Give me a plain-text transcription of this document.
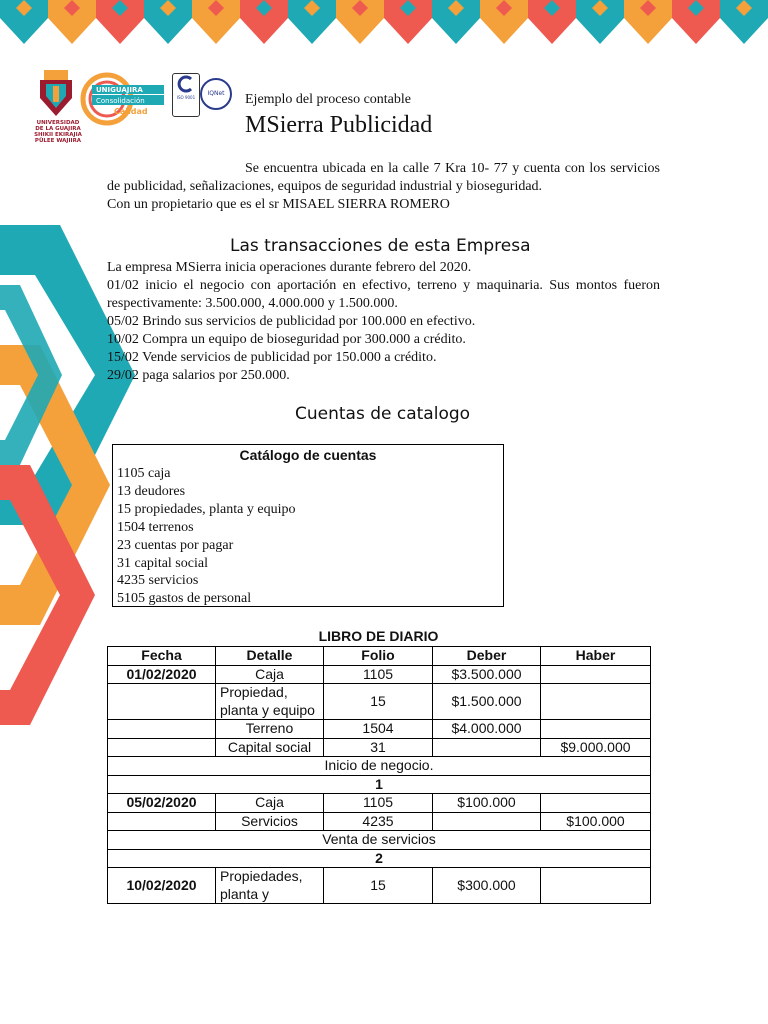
UNIVERSIDAD
DE LA GUAJIRA
SHIKII EKIRAJIA
PÜLEE WAJIIRA
UNIGUAJIRA
Consolidación
Calidad
ISO 9001
IQNet	Ejemplo del proceso contable
MSierra Publicidad

Se encuentra ubicada en la calle 7 Kra 10- 77 y cuenta con los servicios de publicidad, señalizaciones, equipos de seguridad industrial y bioseguridad.

Con un propietario que es el sr MISAEL SIERRA ROMERO

Las transacciones de esta Empresa

La empresa MSierra inicia operaciones durante febrero del 2020.

01/02 inicio el negocio con aportación en efectivo, terreno y maquinaria. Sus montos fueron respectivamente: 3.500.000, 4.000.000 y 1.500.000.

05/02 Brindo sus servicios de publicidad por 100.000 en efectivo.

10/02 Compra un equipo de bioseguridad por 300.000 a crédito.

15/02 Vende servicios de publicidad por 150.000 a crédito.

29/02 paga salarios por 250.000.

Cuentas de catalogo
Catálogo de cuentas
1105 caja
13 deudores
15 propiedades, planta y equipo
1504 terrenos
23 cuentas por pagar
31 capital social
4235 servicios
5105 gastos de personal
LIBRO DE DIARIO
Fecha	Detalle	Folio	Deber	Haber
01/02/2020	Caja	1105	$3.500.000	
	Propiedad, planta y equipo	15	$1.500.000	
	Terreno	1504	$4.000.000	
	Capital social	31		$9.000.000
Inicio de negocio.				
1				
05/02/2020	Caja	1105	$100.000	
	Servicios	4235		$100.000
Venta de servicios				
2				
10/02/2020	Propiedades, planta y	15	$300.000	
